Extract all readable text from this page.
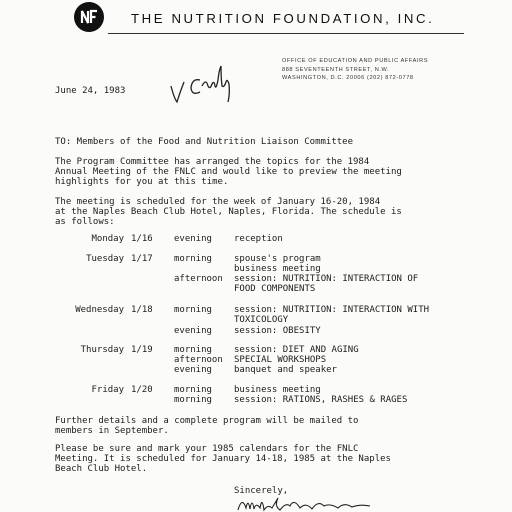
THE NUTRITION FOUNDATION, INC.
OFFICE OF EDUCATION AND PUBLIC AFFAIRS
888 SEVENTEENTH STREET, N.W.
WASHINGTON, D.C. 20006 (202) 872-0778
June 24, 1983
TO: Members of the Food and Nutrition Liaison Committee
The Program Committee has arranged the topics for the 1984
Annual Meeting of the FNLC and would like to preview the meeting
highlights for you at this time.
The meeting is scheduled for the week of January 16-20, 1984
at the Naples Beach Club Hotel, Naples, Florida. The schedule is
as follows:
Monday 1/16 evening reception
Tuesday 1/17 morning spouse's program
business meeting
afternoon session: NUTRITION: INTERACTION OF
FOOD COMPONENTS
Wednesday 1/18 morning session: NUTRITION: INTERACTION WITH
TOXICOLOGY
evening session: OBESITY
Thursday 1/19 morning session: DIET AND AGING
afternoon SPECIAL WORKSHOPS
evening banquet and speaker
Friday 1/20 morning business meeting
morning session: RATIONS, RASHES & RAGES
Further details and a complete program will be mailed to
members in September.
Please be sure and mark your 1985 calendars for the FNLC
Meeting. It is scheduled for January 14-18, 1985 at the Naples
Beach Club Hotel.
Sincerely,
